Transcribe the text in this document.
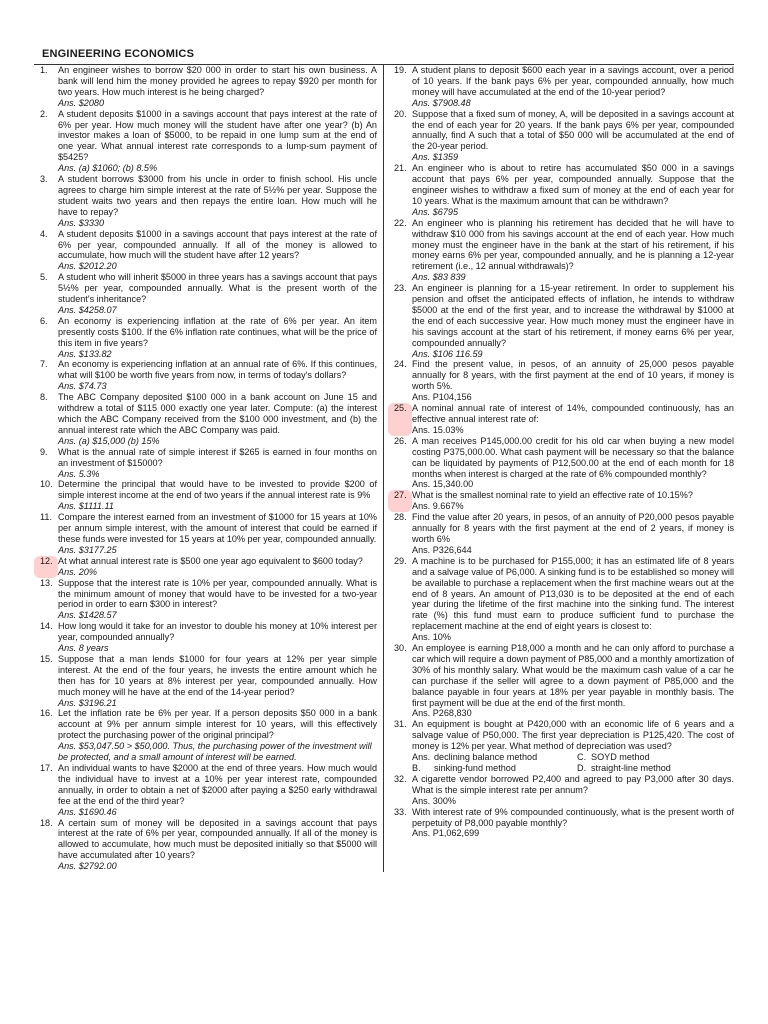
ENGINEERING ECONOMICS
1.	An engineer wishes to borrow $20 000 in order to start his own business. A bank will lend him the money provided he agrees to repay $920 per month for two years. How much interest is he being charged?
Ans. $2080
2.	A student deposits $1000 in a savings account that pays interest at the rate of 6% per year. How much money will the student have after one year? (b) An investor makes a loan of $5000, to be repaid in one lump sum at the end of one year. What annual interest rate corresponds to a lump-sum payment of $5425?
Ans. (a) $1060; (b) 8.5%
3.	A student borrows $3000 from his uncle in order to finish school. His uncle agrees to charge him simple interest at the rate of 5½% per year. Suppose the student waits two years and then repays the entire loan. How much will he have to repay?
Ans. $3330
4.	A student deposits $1000 in a savings account that pays interest at the rate of 6% per year, compounded annually. If all of the money is allowed to accumulate, how much will the student have after 12 years?
Ans. $2012.20
5.	A student who will inherit $5000 in three years has a savings account that pays 5½% per year, compounded annually. What is the present worth of the student's inheritance?
Ans. $4258.07
6.	An economy is experiencing inflation at the rate of 6% per year. An item presently costs $100. If the 6% inflation rate continues, what will be the price of this item in five years?
Ans. $133.82
7.	An economy is experiencing inflation at an annual rate of 6%. If this continues, what will $100 be worth five years from now, in terms of today's dollars?
Ans. $74.73
8.	The ABC Company deposited $100 000 in a bank account on June 15 and withdrew a total of $115 000 exactly one year later. Compute: (a) the interest which the ABC Company received from the $100 000 investment, and (b) the annual interest rate which the ABC Company was paid.
Ans. (a) $15,000 (b) 15%
9.	What is the annual rate of simple interest if $265 is earned in four months on an investment of $15000?
Ans. 5.3%
10. Determine the principal that would have to be invested to provide $200 of simple interest income at the end of two years if the annual interest rate is 9%
Ans. $1111.11
11. Compare the interest earned from an investment of $1000 for 15 years at 10% per annum simple interest, with the amount of interest that could be earned if these funds were invested for 15 years at 10% per year, compounded annually.
Ans. $3177.25
12. At what annual interest rate is $500 one year ago equivalent to $600 today?
Ans. 20%
13. Suppose that the interest rate is 10% per year, compounded annually. What is the minimum amount of money that would have to be invested for a two-year period in order to earn $300 in interest?
Ans. $1428.57
14. How long would it take for an investor to double his money at 10% interest per year, compounded annually?
Ans. 8 years
15. Suppose that a man lends $1000 for four years at 12% per year simple interest. At the end of the four years, he invests the entire amount which he then has for 10 years at 8% interest per year, compounded annually. How much money will he have at the end of the 14-year period?
Ans. $3196.21
16. Let the inflation rate be 6% per year. If a person deposits $50 000 in a bank account at 9% per annum simple interest for 10 years, will this effectively protect the purchasing power of the original principal?
Ans. $53,047.50 > $50,000. Thus, the purchasing power of the investment will be protected, and a small amount of interest will be earned.
17. An individual wants to have $2000 at the end of three years. How much would the individual have to invest at a 10% per year interest rate, compounded annually, in order to obtain a net of $2000 after paying a $250 early withdrawal fee at the end of the third year?
Ans. $1690.46
18. A certain sum of money will be deposited in a savings account that pays interest at the rate of 6% per year, compounded annually. If all of the money is allowed to accumulate, how much must be deposited initially so that $5000 will have accumulated after 10 years?
Ans. $2792.00
19. A student plans to deposit $600 each year in a savings account, over a period of 10 years. If the bank pays 6% per year, compounded annually, how much money will have accumulated at the end of the 10-year period?
Ans. $7908.48
20. Suppose that a fixed sum of money, A, will be deposited in a savings account at the end of each year for 20 years. If the bank pays 6% per year, compounded annually, find A such that a total of $50 000 will be accumulated at the end of the 20-year period.
Ans. $1359
21. An engineer who is about to retire has accumulated $50 000 in a savings account that pays 6% per year, compounded annually. Suppose that the engineer wishes to withdraw a fixed sum of money at the end of each year for 10 years. What is the maximum amount that can be withdrawn?
Ans. $6795
22. An engineer who is planning his retirement has decided that he will have to withdraw $10 000 from his savings account at the end of each year. How much money must the engineer have in the bank at the start of his retirement, if his money earns 6% per year, compounded annually, and he is planning a 12-year retirement (i.e., 12 annual withdrawals)?
Ans. $83 839
23. An engineer is planning for a 15-year retirement. In order to supplement his pension and offset the anticipated effects of inflation, he intends to withdraw $5000 at the end of the first year, and to increase the withdrawal by $1000 at the end of each successive year. How much money must the engineer have in his savings account at the start of his retirement, if money earns 6% per year, compounded annually?
Ans. $106 116.59
24. Find the present value, in pesos, of an annuity of 25,000 pesos payable annually for 8 years, with the first payment at the end of 10 years, if money is worth 5%.
Ans. P104,156
25. A nominal annual rate of interest of 14%, compounded continuously, has an effective annual interest rate of:
Ans. 15.03%
26. A man receives P145,000.00 credit for his old car when buying a new model costing P375,000.00. What cash payment will be necessary so that the balance can be liquidated by payments of P12,500.00 at the end of each month for 18 months when interest is charged at the rate of 6% compounded monthly?
Ans. 15,340.00
27. What is the smallest nominal rate to yield an effective rate of 10.15%?
Ans. 9.667%
28. Find the value after 20 years, in pesos, of an annuity of P20,000 pesos payable annually for 8 years with the first payment at the end of 2 years, if money is worth 6%
Ans. P326,644
29. A machine is to be purchased for P155,000; it has an estimated life of 8 years and a salvage value of P6,000. A sinking fund is to be established so money will be available to purchase a replacement when the first machine wears out at the end of 8 years. An amount of P13,030 is to be deposited at the end of each year during the lifetime of the first machine into the sinking fund. The interest rate (%) this fund must earn to produce sufficient fund to purchase the replacement machine at the end of eight years is closest to:
Ans. 10%
30. An employee is earning P18,000 a month and he can only afford to purchase a car which will require a down payment of P85,000 and a monthly amortization of 30% of his monthly salary. What would be the maximum cash value of a car he can purchase if the seller will agree to a down payment of P85,000 and the balance payable in four years at 18% per year payable in monthly basis. The first payment will be due at the end of the first month.
Ans. P268,830
31. An equipment is bought at P420,000 with an economic life of 6 years and a salvage value of P50,000. The first year depreciation is P125,420. The cost of money is 12% per year. What method of depreciation was used?
Ans. declining balance method	C. SOYD method
B.	sinking-fund method	D. straight-line method
32. A cigarette vendor borrowed P2,400 and agreed to pay P3,000 after 30 days. What is the simple interest rate per annum?
Ans. 300%
33. With interest rate of 9% compounded continuously, what is the present worth of perpetuity of P8,000 payable monthly?
Ans. P1,062,699
